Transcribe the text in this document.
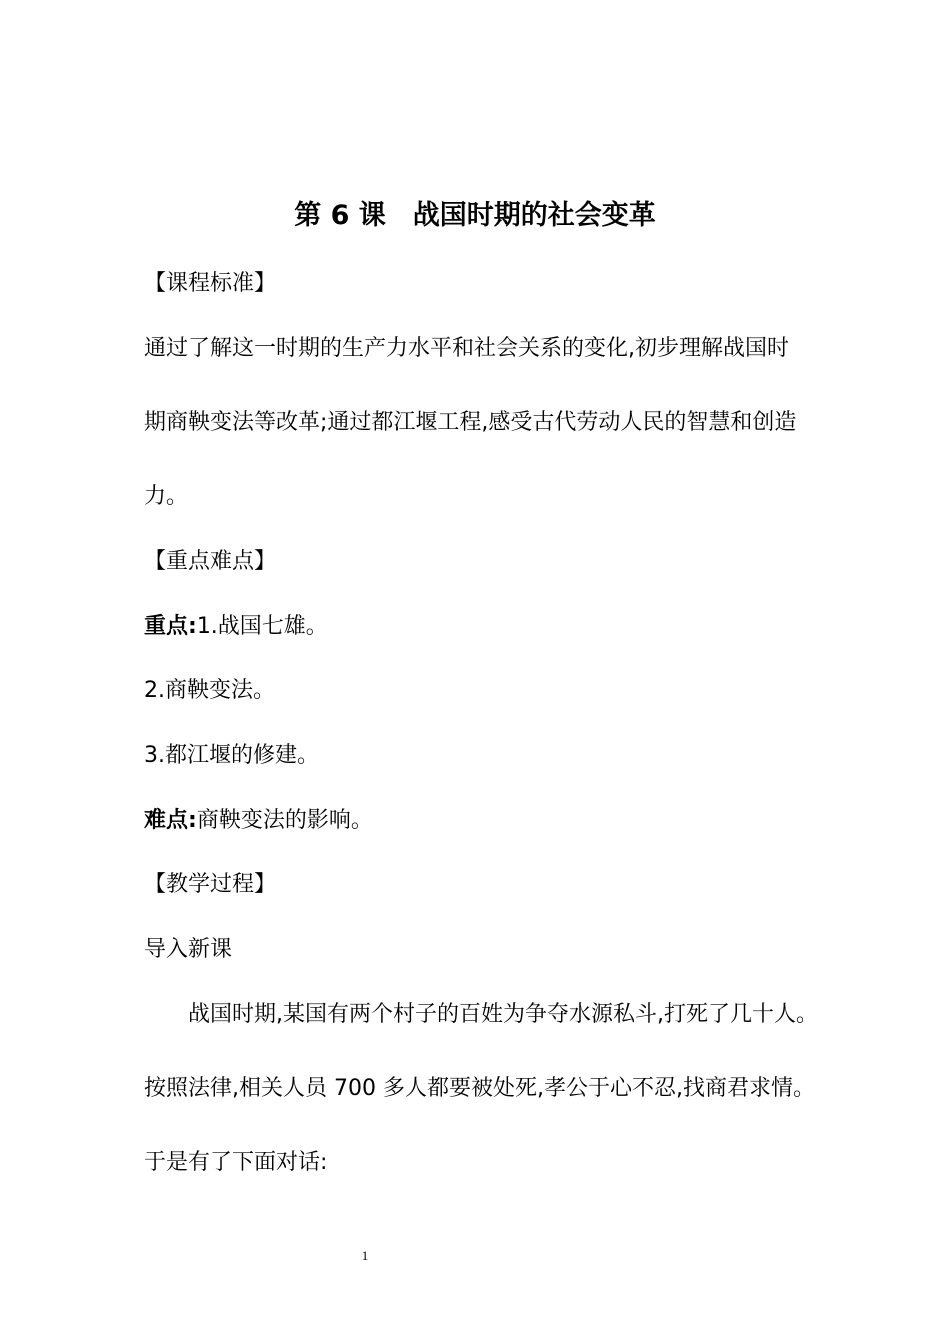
第 6 课　战国时期的社会变革
【课程标准】
通过了解这一时期的生产力水平和社会关系的变化,初步理解战国时
期商鞅变法等改革;通过都江堰工程,感受古代劳动人民的智慧和创造
力。
【重点难点】
重点:1.战国七雄。
2.商鞅变法。
3.都江堰的修建。
难点:商鞅变法的影响。
【教学过程】
导入新课
战国时期,某国有两个村子的百姓为争夺水源私斗,打死了几十人。
按照法律,相关人员 700 多人都要被处死,孝公于心不忍,找商君求情。
于是有了下面对话:
1
